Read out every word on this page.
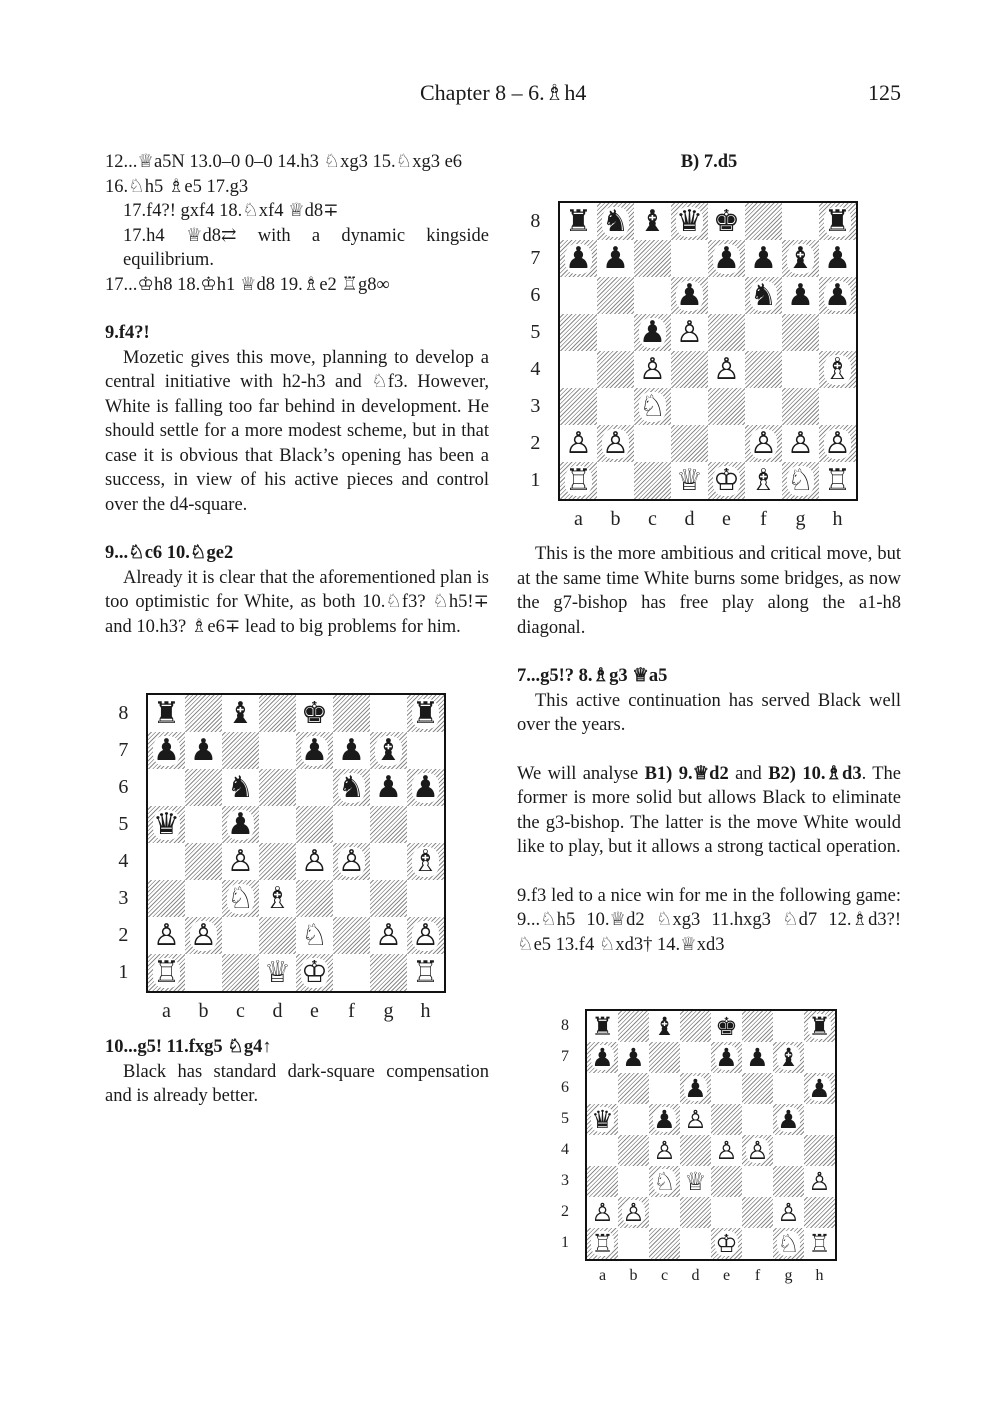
Chapter 8 – 6.♗h4	125

12...♕a5N 13.0–0 0–0 14.h3 ♘xg3 15.♘xg3 e6

16.♘h5 ♗e5 17.g3

17.f4?! gxf4 18.♘xf4 ♕d8∓

17.h4 ♕d8⇄ with a dynamic kingside equilibrium.

17...♔h8 18.♔h1 ♕d8 19.♗e2 ♖g8∞

9.f4?!

Mozetic gives this move, planning to develop a central initiative with h2-h3 and ♘f3. However, White is falling too far behind in development. He should settle for a more modest scheme, but in that case it is obvious that Black’s opening has been a success, in view of his active pieces and control over the d4-square.

9...♘c6 10.♘ge2

Already it is clear that the aforementioned plan is too optimistic for White, as both 10.♘f3? ♘h5!∓ and 10.h3? ♗e6∓ lead to big problems for him.

10...g5! 11.fxg5 ♘g4↑

Black has standard dark-square compensation and is already better.

B) 7.d5

This is the more ambitious and critical move, but at the same time White burns some bridges, as now the g7-bishop has free play along the a1-h8 diagonal.

7...g5!? 8.♗g3 ♕a5

This active continuation has served Black well over the years.

We will analyse B1) 9.♕d2 and B2) 10.♗d3. The former is more solid but allows Black to eliminate the g3-bishop. The latter is the move White would like to play, but it allows a strong tactical operation.

9.f3 led to a nice win for me in the following game: 9...♘h5 10.♕d2 ♘xg3 11.hxg3 ♘d7 12.♗d3?! ♘e5 13.f4 ♘xd3† 14.♕xd3

♜ ♞ ♝ ♛ ♚	♜
♟ ♟	♟ ♟ ♝ ♟
♟ ♞ ♟ ♟
♟ ♙
♙ ♙	♗
♘
♙ ♙	♙ ♙ ♙
♖	♕ ♔ ♗ ♘ ♖
8
7
6
5
4
3
2
1
a	b	c	d	e	f	g	h
♜ ♝ ♚	♜
♟ ♟	♟ ♟ ♝
♞	♞ ♟ ♟
♛ ♟
♙ ♙ ♙ ♗
♘ ♗
♙ ♙	♘ ♙ ♙
♖	♕ ♔	♖
8
7
6
5
4
3
2
1
a	b	c	d	e	f	g	h
♜ ♝ ♚	♜
♟ ♟	♟ ♟ ♝
♟	♟
♛ ♟ ♙	♟
♙ ♙ ♙
♘ ♕	♙
♙ ♙	♙
♖	♔ ♘ ♖
8
7
6
5
4
3
2
1
a	b	c	d	e	f	g	h
